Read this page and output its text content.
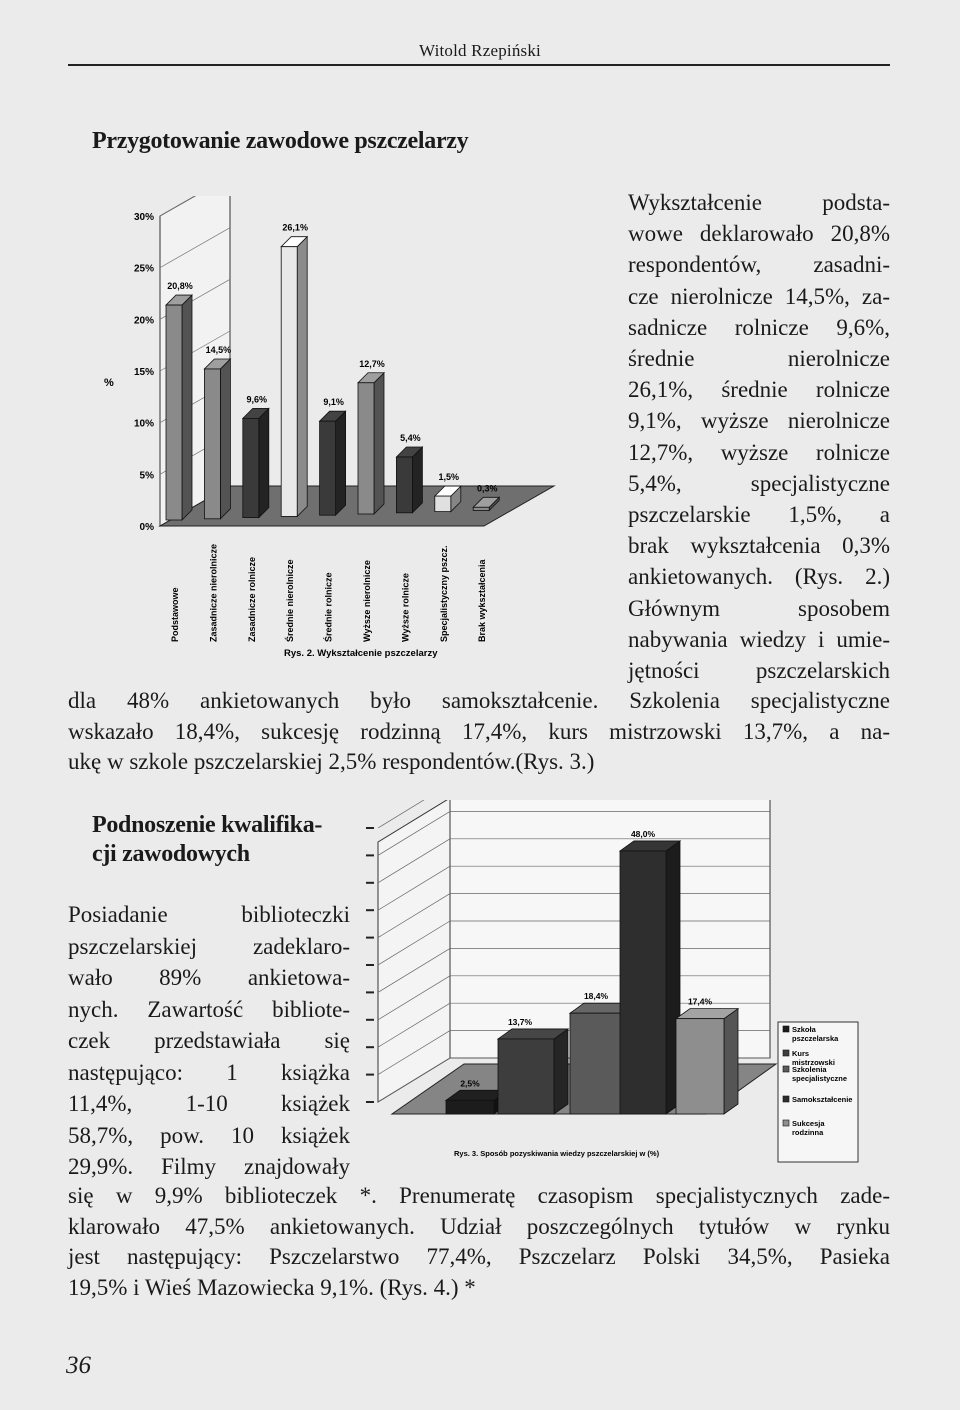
Witold Rzepiński
Przygotowanie zawodowe pszczelarzy
Wykształcenie podsta-
wowe deklarowało 20,8%
respondentów, zasadni-
cze nierolnicze 14,5%, za-
sadnicze rolnicze 9,6%,
średnie nierolnicze
26,1%, średnie rolnicze
9,1%, wyższe nierolnicze
12,7%, wyższe rolnicze
5,4%, specjalistyczne
pszczelarskie 1,5%, a
brak wykształcenia 0,3%
ankietowanych. (Rys. 2.)
Głównym sposobem
nabywania wiedzy i umie-
jętności pszczelarskich
dla 48% ankietowanych było samokształcenie. Szkolenia specjalistyczne
wskazało 18,4%, sukcesję rodzinną 17,4%, kurs mistrzowski 13,7%, a na-
ukę w szkole pszczelarskiej 2,5% respondentów.(Rys. 3.)
0%
5%
10%
15%
20%
25%
30%
%
20,8%
Podstawowe
14,5%
Zasadnicze nierolnicze
9,6%
Zasadnicze rolnicze
26,1%
Średnie nierolnicze
9,1%
Średnie rolnicze
12,7%
Wyższe nierolnicze
5,4%
Wyższe rolnicze
1,5%
Specjalistyczny pszcz.
0,3%
Brak wykształcenia
Rys. 2. Wykształcenie pszczelarzy
Podnoszenie kwalifika-
cji zawodowych
Posiadanie biblioteczki
pszczelarskiej zadeklaro-
wało 89% ankietowa-
nych. Zawartość bibliote-
czek przedstawiała się
następująco: 1 książka
11,4%, 1-10 książek
58,7%, pow. 10 książek
29,9%. Filmy znajdowały
się w 9,9% biblioteczek *. Prenumeratę czasopism specjalistycznych zade-
klarowało 47,5% ankietowanych. Udział poszczególnych tytułów w rynku
jest następujący: Pszczelarstwo 77,4%, Pszczelarz Polski 34,5%, Pasieka
19,5% i Wieś Mazowiecka 9,1%. (Rys. 4.) *
2,5%
13,7%
18,4%
48,0%
17,4%
Szkoła pszczelarska
Kurs mistrzowski
Szkolenia specjalistyczne
Samokształcenie
Sukcesja rodzinna
Rys. 3. Sposób pozyskiwania wiedzy pszczelarskiej w (%)
36
